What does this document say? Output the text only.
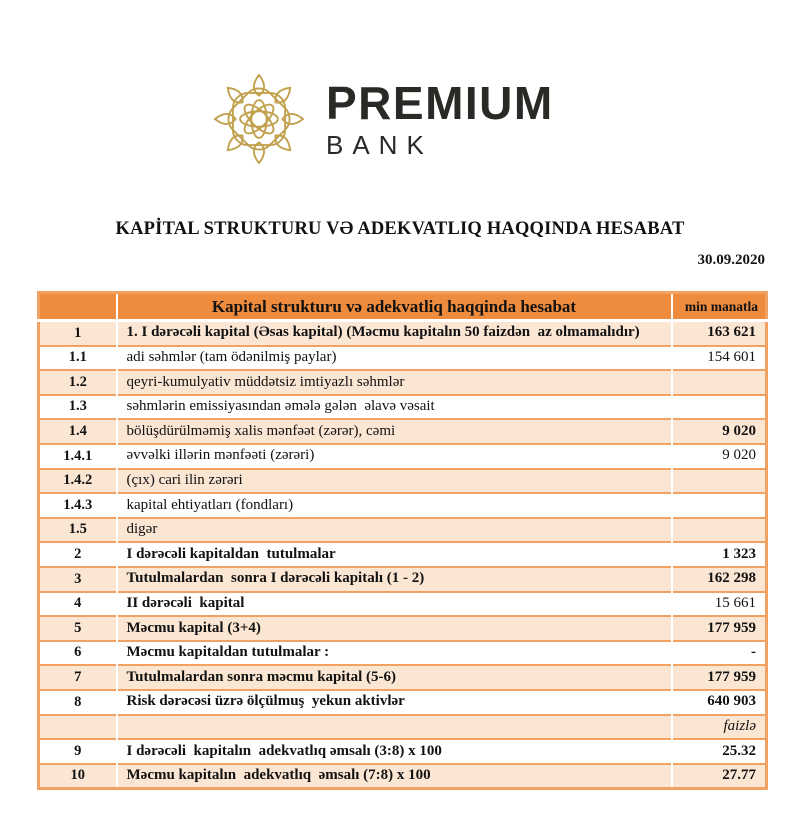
PREMIUM
BANK
KAPİTAL STRUKTURU VƏ ADEKVATLIQ HAQQINDA HESABAT
30.09.2020
	Kapital strukturu və adekvatliq haqqinda hesabat	min manatla
1	1. I dərəcəli kapital (Əsas kapital) (Məcmu kapitalın 50 faizdən  az olmamalıdır)	163 621
1.1	adi səhmlər (tam ödənilmiş paylar)	154 601
1.2	qeyri-kumulyativ müddətsiz imtiyazlı səhmlər	
1.3	səhmlərin emissiyasından əmələ gələn  əlavə vəsait	
1.4	bölüşdürülməmiş xalis mənfəət (zərər), cəmi	9 020
1.4.1	əvvəlki illərin mənfəəti (zərəri)	9 020
1.4.2	(çıx) cari ilin zərəri	
1.4.3	kapital ehtiyatları (fondları)	
1.5	digər	
2	I dərəcəli kapitaldan  tutulmalar	1 323
3	Tutulmalardan  sonra I dərəcəli kapitalı (1 - 2)	162 298
4	II dərəcəli  kapital	15 661
5	Məcmu kapital (3+4)	177 959
6	Məcmu kapitaldan tutulmalar :	-
7	Tutulmalardan sonra məcmu kapital (5-6)	177 959
8	Risk dərəcəsi üzrə ölçülmuş  yekun aktivlər	640 903
		faizlə
9	I dərəcəli  kapitalın  adekvatlıq əmsalı (3:8) x 100	25.32
10	Məcmu kapitalın  adekvatlıq  əmsalı (7:8) x 100	27.77
